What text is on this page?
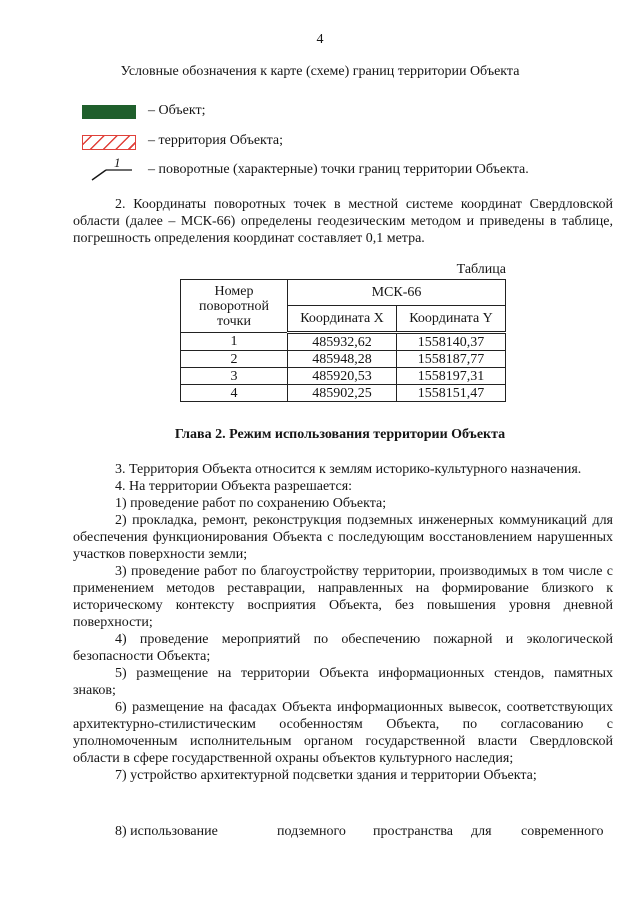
4
Условные обозначения к карте (схеме) границ территории Объекта
– Объект;
– территория Объекта;
1 – поворотные (характерные) точки границ территории Объекта.
2. Координаты поворотных точек в местной системе координат Свердловской области (далее – МСК-66) определены геодезическим методом и приведены в таблице, погрешность определения координат составляет 0,1 метра.
Таблица
Номер поворотной точки	МСК-66	
	Координата X	Координата Y
1	485932,62	1558140,37
2	485948,28	1558187,77
3	485920,53	1558197,31
4	485902,25	1558151,47
Глава 2. Режим использования территории Объекта

3. Территория Объекта относится к землям историко-культурного назначения.

4. На территории Объекта разрешается:

1) проведение работ по сохранению Объекта;

2) прокладка, ремонт, реконструкция подземных инженерных коммуникаций для обеспечения функционирования Объекта с последующим восстановлением нарушенных участков поверхности земли;

3) проведение работ по благоустройству территории, производимых в том числе с применением методов реставрации, направленных на формирование близкого к историческому контексту восприятия Объекта, без повышения уровня дневной поверхности;

4) проведение мероприятий по обеспечению пожарной и экологической безопасности Объекта;

5) размещение на территории Объекта информационных стендов, памятных знаков;

6) размещение на фасадах Объекта информационных вывесок, соответствующих архитектурно-стилистическим особенностям Объекта, по согласованию с уполномоченным исполнительным органом государственной власти Свердловской области в сфере государственной охраны объектов культурного наследия;

7) устройство архитектурной подсветки здания и территории Объекта;

8) использование	подземного пространства для современного
